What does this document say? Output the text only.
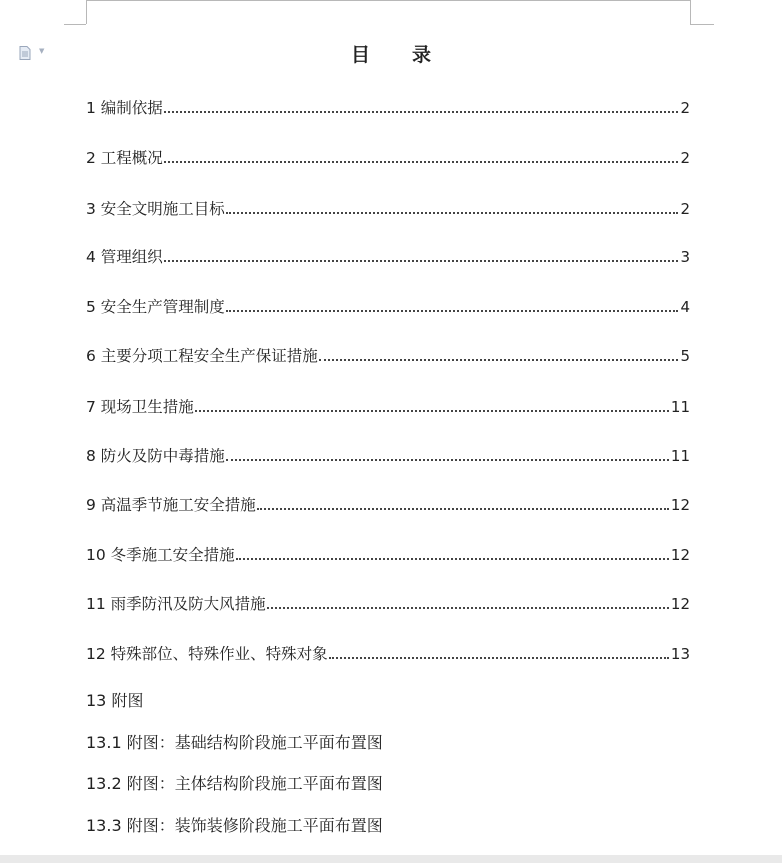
▼	目录
1 编制依据	2
2 工程概况	2
3 安全文明施工目标	2
4 管理组织	3
5 安全生产管理制度	4
6 主要分项工程安全生产保证措施	5
7 现场卫生措施	11
8 防火及防中毒措施	11
9 高温季节施工安全措施	12
10 冬季施工安全措施	12
11 雨季防汛及防大风措施	12
12 特殊部位、特殊作业、特殊对象	13
13 附图
13.1 附图：基础结构阶段施工平面布置图
13.2 附图：主体结构阶段施工平面布置图
13.3 附图：装饰装修阶段施工平面布置图
